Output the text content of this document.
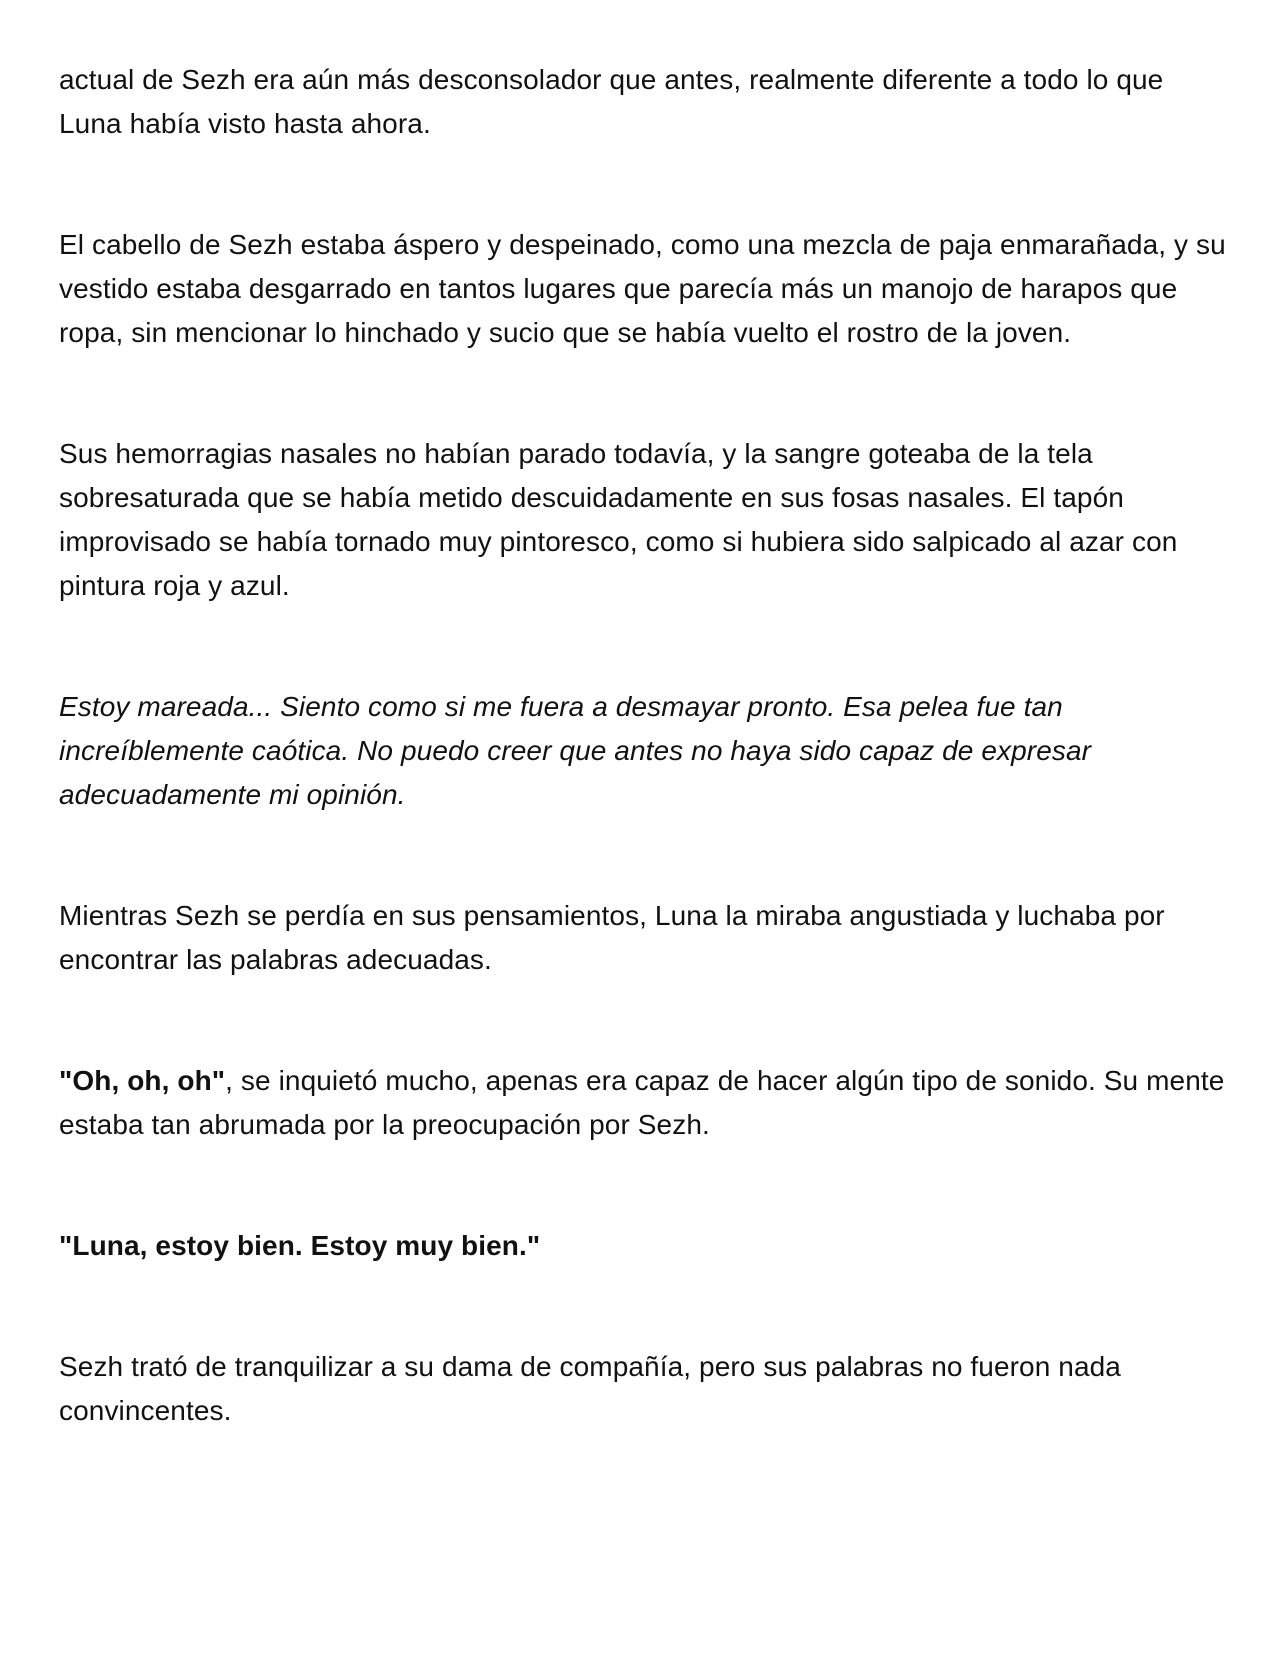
actual de Sezh era aún más desconsolador que antes, realmente diferente a todo lo que Luna había visto hasta ahora.

El cabello de Sezh estaba áspero y despeinado, como una mezcla de paja enmarañada, y su vestido estaba desgarrado en tantos lugares que parecía más un manojo de harapos que ropa, sin mencionar lo hinchado y sucio que se había vuelto el rostro de la joven.

Sus hemorragias nasales no habían parado todavía, y la sangre goteaba de la tela sobresaturada que se había metido descuidadamente en sus fosas nasales. El tapón improvisado se había tornado muy pintoresco, como si hubiera sido salpicado al azar con pintura roja y azul.

Estoy mareada... Siento como si me fuera a desmayar pronto. Esa pelea fue tan increíblemente caótica. No puedo creer que antes no haya sido capaz de expresar adecuadamente mi opinión.

Mientras Sezh se perdía en sus pensamientos, Luna la miraba angustiada y luchaba por encontrar las palabras adecuadas.

"Oh, oh, oh", se inquietó mucho, apenas era capaz de hacer algún tipo de sonido. Su mente estaba tan abrumada por la preocupación por Sezh.

"Luna, estoy bien. Estoy muy bien."

Sezh trató de tranquilizar a su dama de compañía, pero sus palabras no fueron nada convincentes.
